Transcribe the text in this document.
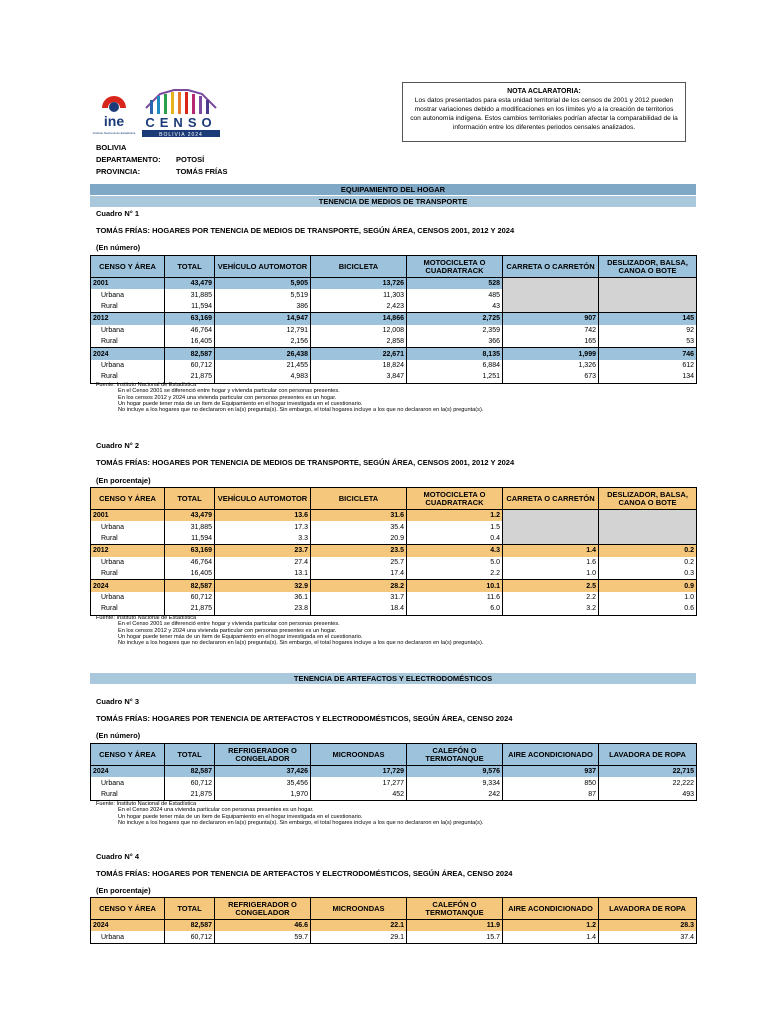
ine
Instituto Nacional de Estadística
CENSO
BOLIVIA 2024
NOTA ACLARATORIA:
Los datos presentados para esta unidad territorial de los censos de 2001 y 2012 pueden mostrar variaciones debido a modificaciones en los límites y/o a la creación de territorios con autonomía indígena. Estos cambios territoriales podrían afectar la comparabilidad de la información entre los diferentes periodos censales analizados.
BOLIVIA
DEPARTAMENTO: POTOSÍ
PROVINCIA:	TOMÁS FRÍAS
EQUIPAMIENTO DEL HOGAR
TENENCIA DE MEDIOS DE TRANSPORTE
Cuadro N° 1
TOMÁS FRÍAS: HOGARES POR TENENCIA DE MEDIOS DE TRANSPORTE, SEGÚN ÁREA, CENSOS 2001, 2012 Y 2024
(En número)
CENSO Y ÁREA	TOTAL	VEHÍCULO AUTOMOTOR	BICICLETA	MOTOCICLETA O CUADRATRACK	CARRETA O CARRETÓN	DESLIZADOR, BALSA, CANOA O BOTE
2001	43,479	5,905	13,726	528		
Urbana	31,885	5,519	11,303	485		
Rural	11,594	386	2,423	43		
2012	63,169	14,947	14,866	2,725	907	145
Urbana	46,764	12,791	12,008	2,359	742	92
Rural	16,405	2,156	2,858	366	165	53
2024	82,587	26,438	22,671	8,135	1,999	746
Urbana	60,712	21,455	18,824	6,884	1,326	612
Rural	21,875	4,983	3,847	1,251	673	134
Fuente: Instituto Nacional de Estadística
En el Censo 2001 se diferenció entre hogar y vivienda particular con personas presentes.
En los censos 2012 y 2024 una vivienda particular con personas presentes es un hogar.
Un hogar puede tener más de un ítem de Equipamiento en el hogar investigada en el cuestionario.
No incluye a los hogares que no declararon en la(s) pregunta(s). Sin embargo, el total hogares incluye a los que no declararon en la(s) pregunta(s).
Cuadro N° 2
TOMÁS FRÍAS: HOGARES POR TENENCIA DE MEDIOS DE TRANSPORTE, SEGÚN ÁREA, CENSOS 2001, 2012 Y 2024
(En porcentaje)
CENSO Y ÁREA	TOTAL	VEHÍCULO AUTOMOTOR	BICICLETA	MOTOCICLETA O CUADRATRACK	CARRETA O CARRETÓN	DESLIZADOR, BALSA, CANOA O BOTE
2001	43,479	13.6	31.6	1.2		
Urbana	31,885	17.3	35.4	1.5		
Rural	11,594	3.3	20.9	0.4		
2012	63,169	23.7	23.5	4.3	1.4	0.2
Urbana	46,764	27.4	25.7	5.0	1.6	0.2
Rural	16,405	13.1	17.4	2.2	1.0	0.3
2024	82,587	32.9	28.2	10.1	2.5	0.9
Urbana	60,712	36.1	31.7	11.6	2.2	1.0
Rural	21,875	23.8	18.4	6.0	3.2	0.6
Fuente: Instituto Nacional de Estadística
En el Censo 2001 se diferenció entre hogar y vivienda particular con personas presentes.
En los censos 2012 y 2024 una vivienda particular con personas presentes es un hogar.
Un hogar puede tener más de un ítem de Equipamiento en el hogar investigada en el cuestionario.
No incluye a los hogares que no declararon en la(s) pregunta(s). Sin embargo, el total hogares incluye a los que no declararon en la(s) pregunta(s).
TENENCIA DE ARTEFACTOS Y ELECTRODOMÉSTICOS
Cuadro N° 3
TOMÁS FRÍAS: HOGARES POR TENENCIA DE ARTEFACTOS Y ELECTRODOMÉSTICOS, SEGÚN ÁREA, CENSO 2024
(En número)
CENSO Y ÁREA	TOTAL	REFRIGERADOR O CONGELADOR	MICROONDAS	CALEFÓN O TERMOTANQUE	AIRE ACONDICIONADO	LAVADORA DE ROPA
2024	82,587	37,426	17,729	9,576	937	22,715
Urbana	60,712	35,456	17,277	9,334	850	22,222
Rural	21,875	1,970	452	242	87	493
Fuente: Instituto Nacional de Estadística
En el Censo 2024 una vivienda particular con personas presentes es un hogar.
Un hogar puede tener más de un ítem de Equipamiento en el hogar investigada en el cuestionario.
No incluye a los hogares que no declararon en la(s) pregunta(s). Sin embargo, el total hogares incluye a los que no declararon en la(s) pregunta(s).
Cuadro N° 4
TOMÁS FRÍAS: HOGARES POR TENENCIA DE ARTEFACTOS Y ELECTRODOMÉSTICOS, SEGÚN ÁREA, CENSO 2024
(En porcentaje)
CENSO Y ÁREA	TOTAL	REFRIGERADOR O CONGELADOR	MICROONDAS	CALEFÓN O TERMOTANQUE	AIRE ACONDICIONADO	LAVADORA DE ROPA
2024	82,587	46.6	22.1	11.9	1.2	28.3
Urbana	60,712	59.7	29.1	15.7	1.4	37.4
